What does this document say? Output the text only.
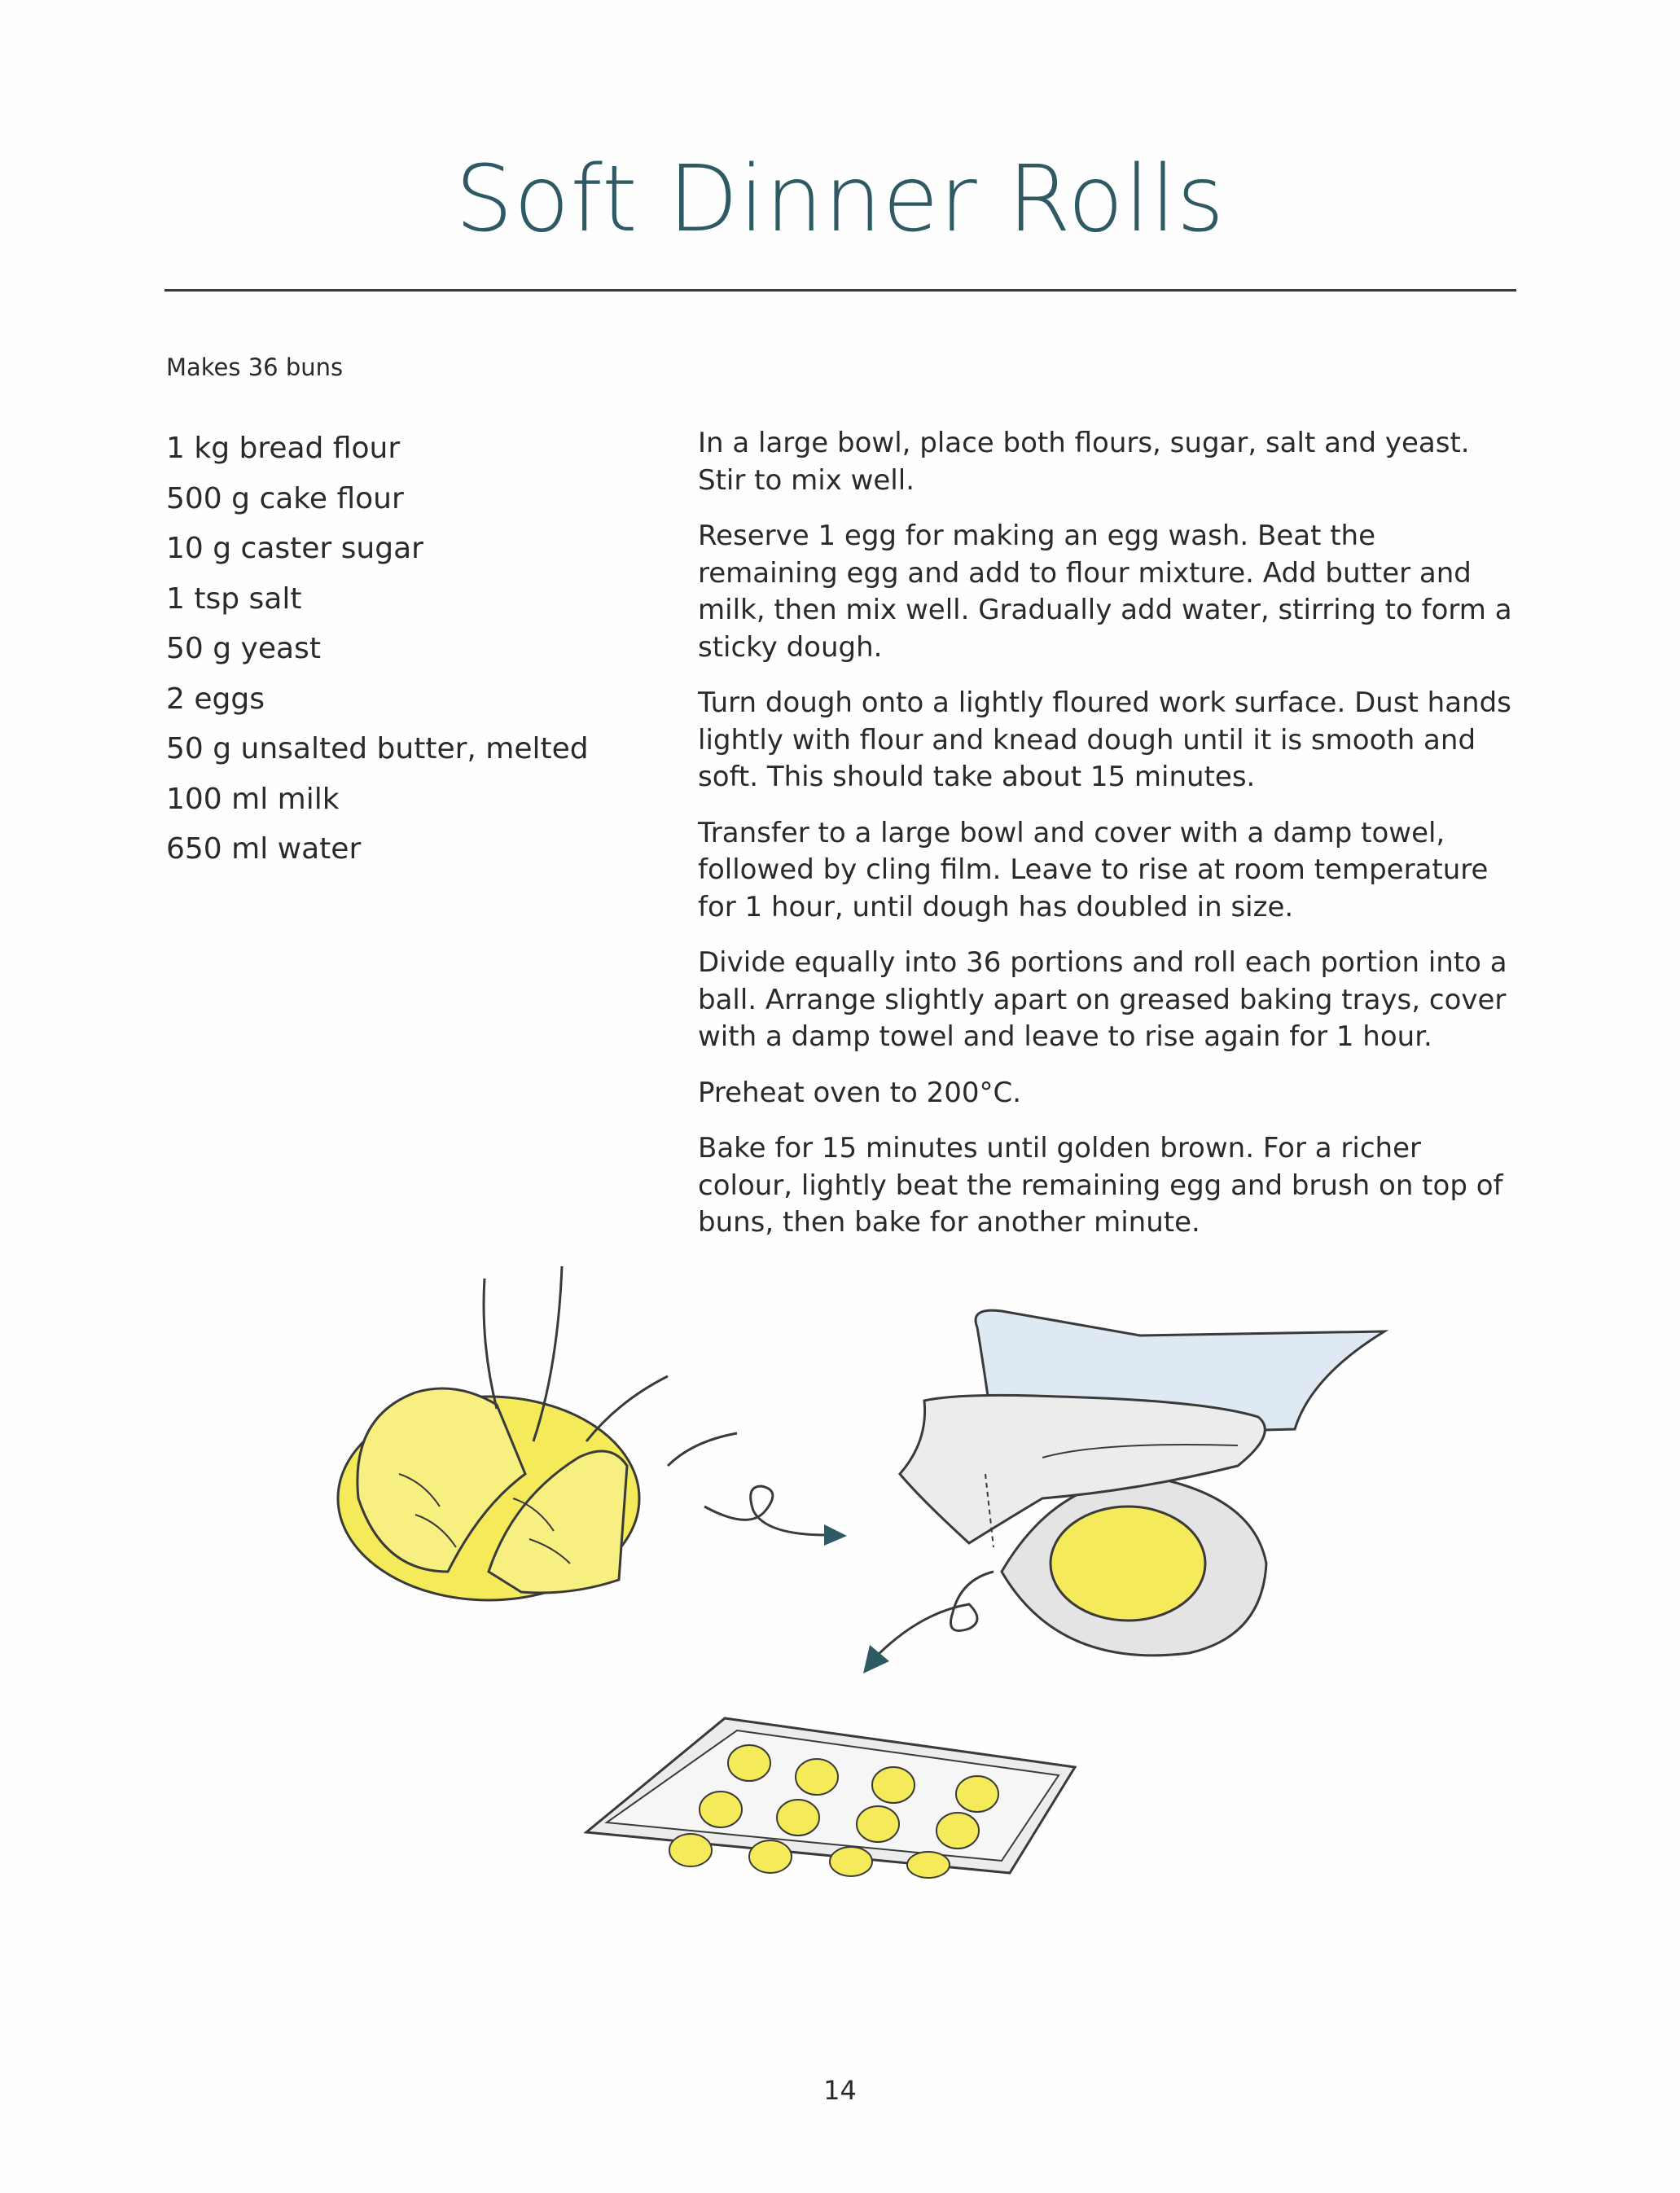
Soft Dinner Rolls
Makes 36 buns
1 kg bread flour
500 g cake flour
10 g caster sugar
1 tsp salt
50 g yeast
2 eggs
50 g unsalted butter, melted
100 ml milk
650 ml water

In a large bowl, place both flours, sugar, salt and yeast. Stir to mix well.

Reserve 1 egg for making an egg wash. Beat the remaining egg and add to flour mixture. Add butter and milk, then mix well. Gradually add water, stirring to form a sticky dough.

Turn dough onto a lightly floured work surface. Dust hands lightly with flour and knead dough until it is smooth and soft. This should take about 15 minutes.

Transfer to a large bowl and cover with a damp towel, followed by cling film. Leave to rise at room temperature for 1 hour, until dough has doubled in size.

Divide equally into 36 portions and roll each portion into a ball. Arrange slightly apart on greased baking trays, cover with a damp towel and leave to rise again for 1 hour.

Preheat oven to 200°C.

Bake for 15 minutes until golden brown. For a richer colour, lightly beat the remaining egg and brush on top of buns, then bake for another minute.

14
